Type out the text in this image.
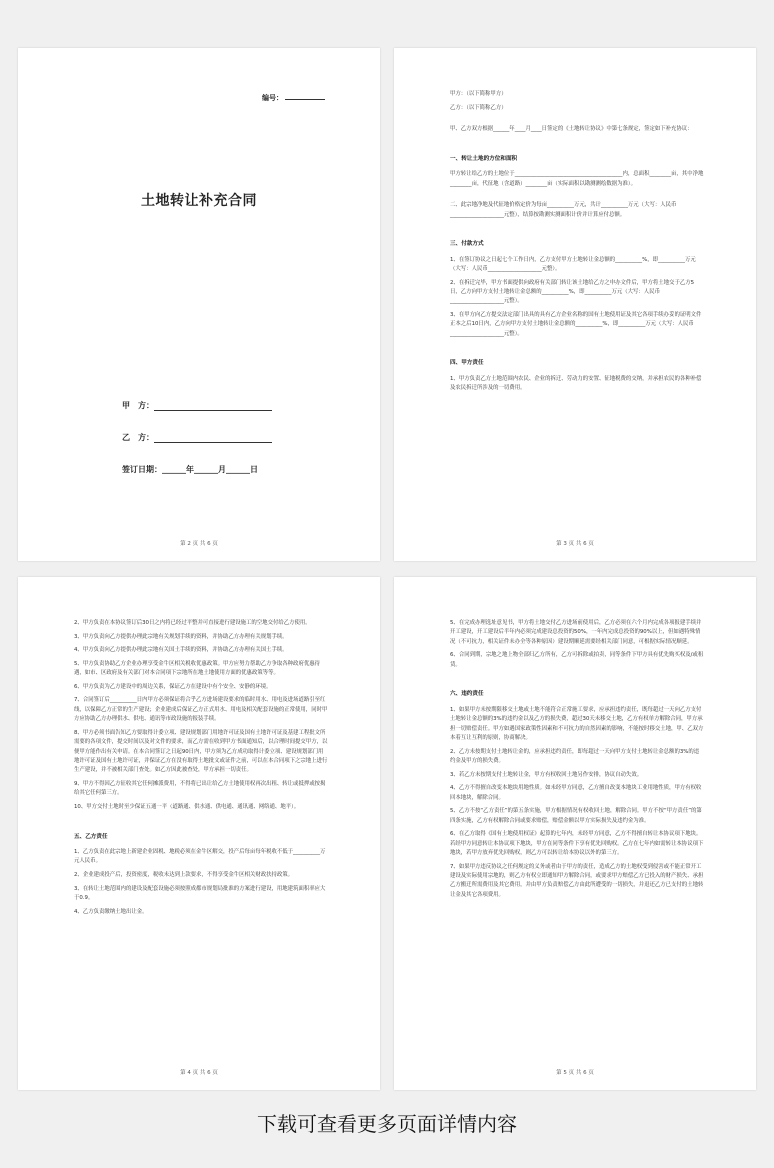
编号：
土地转让补充合同
甲　方：
乙　方：
签订日期：______年______月______日
第 2 页 共 6 页

甲方：（以下简称甲方）

乙方：（以下简称乙方）

甲、乙方双方根据______年____月____日签定的《土地转让协议》中第七条规定，签定如下补充协议：

一、转让土地的方位和面积

甲方转让给乙方的土地位于________________________________________内，总面积________亩，其中净地________亩，代征地（含道路）________亩（实际面积以勘测测绘数据为准）。

二、此宗地净地及代征地价格定价为每亩__________万元，共计__________万元（大写：人民币____________________元整），结算按勘测实测面积计价并计算应付总额。

三、付款方式

1、在签订协议之日起七个工作日内，乙方支付甲方土地转让金总额的__________%，即__________万元（大写：人民币____________________元整）。

2、在拆迁完毕，甲方书面提供向政府有关部门转让该土地给乙方之申办文件后，甲方将土地交于乙方5日，乙方向甲方支付土地转让金总额的__________%，即__________万元（大写：人民币____________________元整）。

3、在甲方向乙方提交法定部门出具的具有乙方企业名称的国有土地使用证及其它各项手续办妥的证明文件正本之后10日内，乙方向甲方支付土地转让金总额的__________%，即__________万元（大写：人民币____________________元整）。

四、甲方责任

1、甲方负责乙方土地范围内农民、企业的拆迁、劳动力的安置、征地税费的交纳，并承担农民的各种补偿及农民拆迁所涉及的一切费用。

第 3 页 共 6 页

2、甲方负责在本协议签订后30日之内将已经过平整并可直接进行建设施工的空地交付给乙方使用。

3、甲方负责向乙方提供办理此宗地有关规划手续的资料，并协助乙方办理有关规划手续。

4、甲方负责向乙方提供办理此宗地有关国土手续的资料，并协助乙方办理有关国土手续。

5、甲方负责协助乙方企业办理享受金牛区相关税收优惠政策。甲方应努力帮助乙方争取各种政府优惠待遇，如市、区政府及有关部门对本合同项下宗地所在地土地使用方面的优惠政策等等。

6、甲方负责为乙方建设中的周边关系，保证乙方在建设中有个安全、安静的环境。

7、合同签订后__________日内甲方必须保证将合乎乙方进场建设要求的临时用水、用电及进场道路引至红线，以保障乙方正常的生产建设；企业建成后保证乙方正式用水、用电及相关配套设施的正常使用，同时甲方应协助乙方办理供水、供电、通讯等市政设施的报装手续。

8、甲方必须书面告知乙方要取得计委立项、建设规划部门用地许可证及国有土地许可证及基建工程批文所需要的各项文件，提交时间以及对文件的要求，而乙方需在收到甲方书面通知后，以合理时间提交甲方，以便甲方能作出有关申请。在本合同签订之日起90日内，甲方须为乙方成功取得计委立项、建设规划部门用地许可证及国有土地许可证，并保证乙方在没有取得土地批文或证件之前，可以在本合同项下之宗地上进行生产建设，并不被相关部门查处。如乙方因此被查处，甲方承担一切责任。

9、甲方不得因乙方征收其它任何摊派费用，不得将已出让给乙方土地使用权再次出租、转让或抵押或按揭给其它任何第三方。

10、甲方交付土地时至少保证五通一平（道路通、供水通、供电通、通讯通、网络通、地平）。

五、乙方责任

1、乙方负责在此宗地上新建企业固税、地税必须在金牛区解交，投产后每亩每年税收不低于__________万元人民币。

2、企业建成投产后，投资密度，税收未达到上款要求，不得享受金牛区相关财政扶持政策。

3、在转让土地范围内的建设及配套设施必须按照成都市规划局批准的方案进行建设，用地建筑面积率应大于0.9。

4、乙方负责缴纳土地出让金。

第 4 页 共 6 页

5、在完成办理选址意见书，甲方将土地交付乙方进场前使用后，乙方必须在六个月内完成各项报建手续并开工建设，开工建设后半年内必须完成建设总投资的50%，一年内完成总投资的90%以上，但如遇特殊情况（不可抗力，相关证件未办全等各种原因）建设期顺延需要经相关部门同意，可根据实际情况顺延。

6、合同到期，宗地之地上物全部归乙方所有，乙方可拆除或拍卖，同等条件下甲方具有优先购买权及/或租赁。

六、违约责任

1、如果甲方未按期限移交土地或土地不能符合正常施工要求，应承担违约责任，既每超过一天向乙方支付土地转让金总额的3%的违约金以及乙方的损失费，超过30天未移交土地，乙方有权单方解除合同，甲方承担一切赔偿责任。甲方如遇国家政策性因素和不可抗力的自然因素的影响，不能按时移交土地，甲、乙双方本着互让互利的原则，协商解决。

2、乙方未按期支付土地转让金的，应承担违约责任，即每超过一天向甲方支付土地转让金总额的3%的违约金及甲方的损失费。

3、若乙方未按期支付土地转让金，甲方有权收回土地另作安排，协议自动失效。

4、乙方不得擅自改变本地块用地性质。如未经甲方同意，乙方擅自改变本地块工业用地性质，甲方有权收回本地块，解除合同。

5、乙方不按“乙方责任”的第五条实施，甲方根据情况有权收回土地，解除合同。甲方不按“甲方责任”的第四条实施，乙方有权解除合同或要求赔偿，赔偿金额以甲方实际损失及违约金为准。

6、在乙方取得《国有土地使用权证》起算的七年内，未经甲方同意，乙方不得擅自转让本协议项下地块。若经甲方同意转让本协议项下地块，甲方在同等条件下享有优先回购权。乙方在七年内如需转让本协议项下地块，若甲方放弃优先回购权，则乙方可以转让给本协议以外的第三方。

7、如果甲方违反协议之任何规定的义务或者由于甲方的责任，造成乙方的土地权受到侵害或不能正常开工建设及实际使用宗地的，则乙方有权立即通知甲方解除合同，或要求甲方赔偿乙方已投入的财产损失、承担乙方搬迁所需费用及其它费用，并由甲方负责赔偿乙方由此所遭受的一切损失，并退还乙方已支付的土地转让金及其它各项费用。

第 5 页 共 6 页
下载可查看更多页面详情内容
